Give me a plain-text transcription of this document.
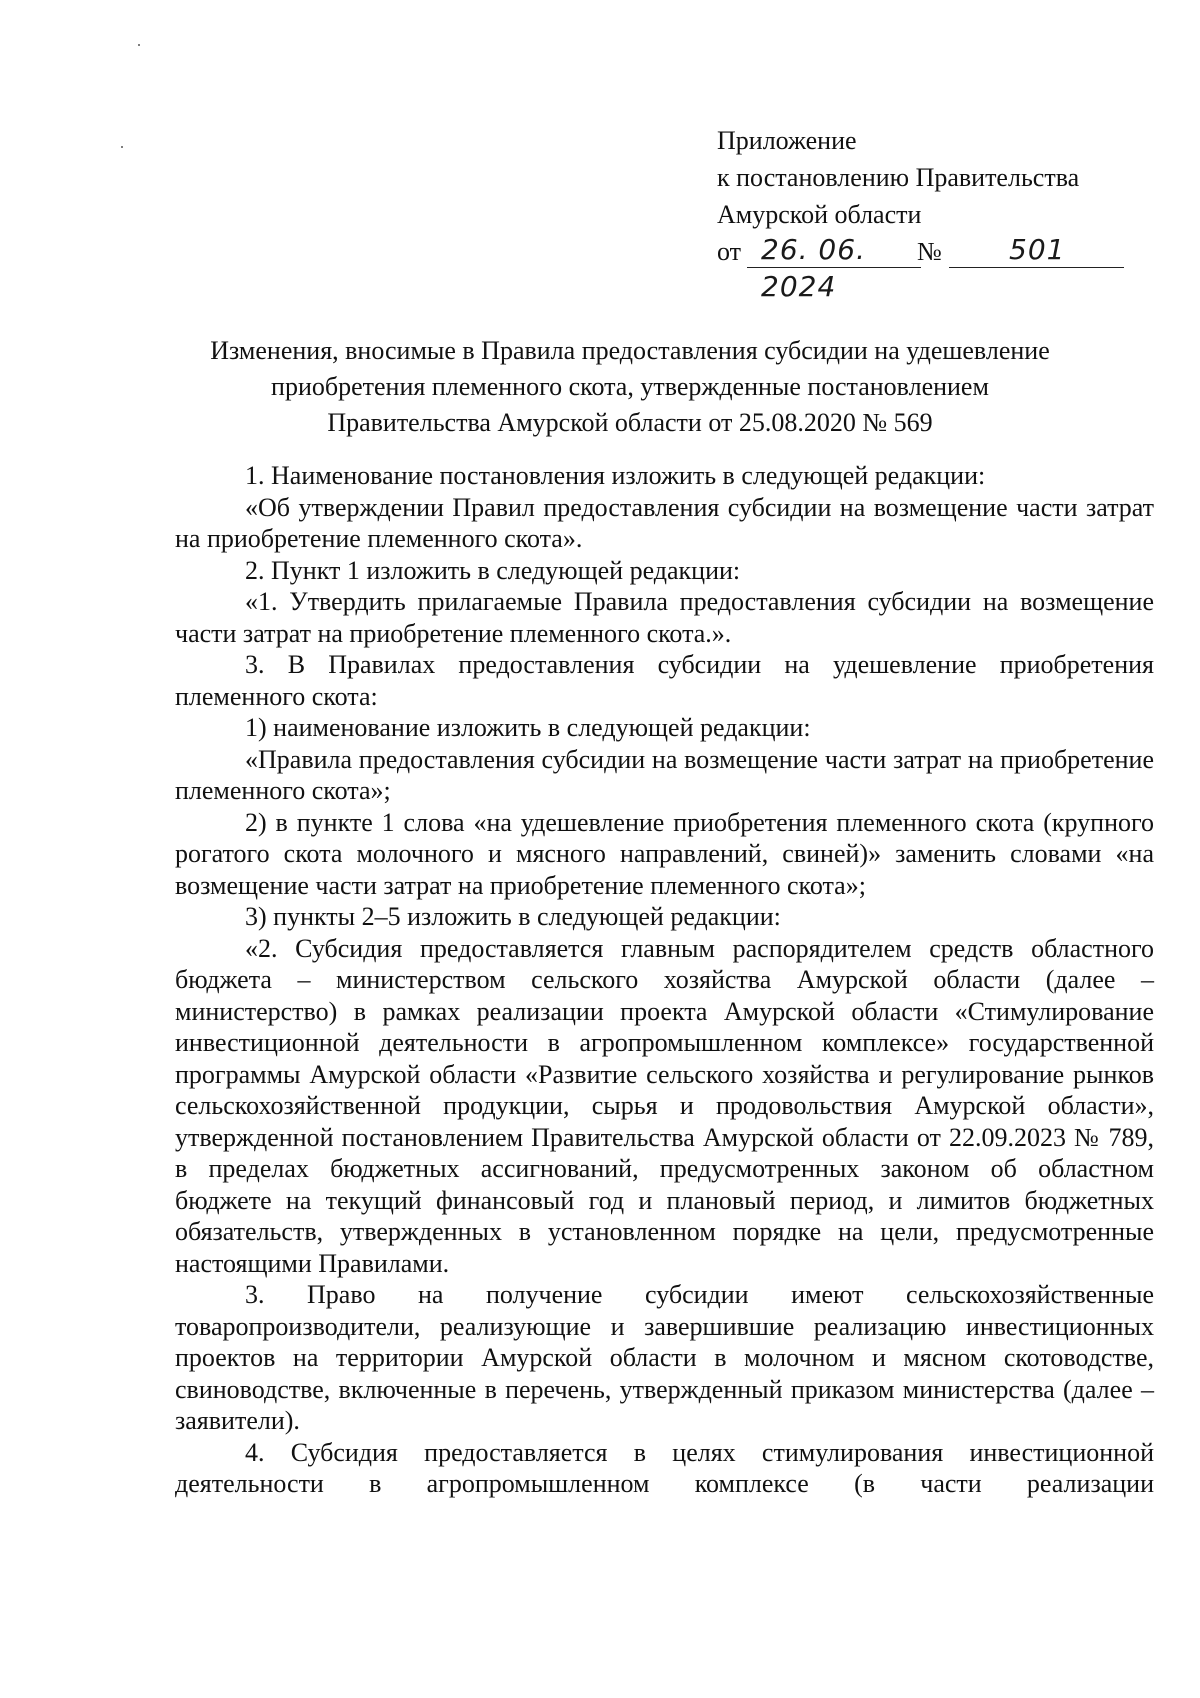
Приложение
к постановлению Правительства
Амурской области
от 26. 06. 2024
№ 501
Изменения, вносимые в Правила предоставления субсидии на удешевление
приобретения племенного скота, утвержденные постановлением
Правительства Амурской области от 25.08.2020 № 569

1. Наименование постановления изложить в следующей редакции:

«Об утверждении Правил предоставления субсидии на возмещение части затрат на приобретение племенного скота».

2. Пункт 1 изложить в следующей редакции:

«1. Утвердить прилагаемые Правила предоставления субсидии на возмещение части затрат на приобретение племенного скота.».

3. В Правилах предоставления субсидии на удешевление приобретения племенного скота:

1) наименование изложить в следующей редакции:

«Правила предоставления субсидии на возмещение части затрат на приобретение племенного скота»;

2) в пункте 1 слова «на удешевление приобретения племенного скота (крупного рогатого скота молочного и мясного направлений, свиней)» заменить словами «на возмещение части затрат на приобретение племенного скота»;

3) пункты 2–5 изложить в следующей редакции:

«2. Субсидия предоставляется главным распорядителем средств областного бюджета – министерством сельского хозяйства Амурской области (далее – министерство) в рамках реализации проекта Амурской области «Стимулирование инвестиционной деятельности в агропромышленном комплексе» государственной программы Амурской области «Развитие сельского хозяйства и регулирование рынков сельскохозяйственной продукции, сырья и продовольствия Амурской области», утвержденной постановлением Правительства Амурской области от 22.09.2023 № 789, в пределах бюджетных ассигнований, предусмотренных законом об областном бюджете на текущий финансовый год и плановый период, и лимитов бюджетных обязательств, утвержденных в установленном порядке на цели, предусмотренные настоящими Правилами.

3. Право на получение субсидии имеют сельскохозяйственные товаропроизводители, реализующие и завершившие реализацию инвестиционных проектов на территории Амурской области в молочном и мясном скотоводстве, свиноводстве, включенные в перечень, утвержденный приказом министерства (далее – заявители).

4. Субсидия предоставляется в целях стимулирования инвестиционной деятельности в агропромышленном комплексе (в части реализации
